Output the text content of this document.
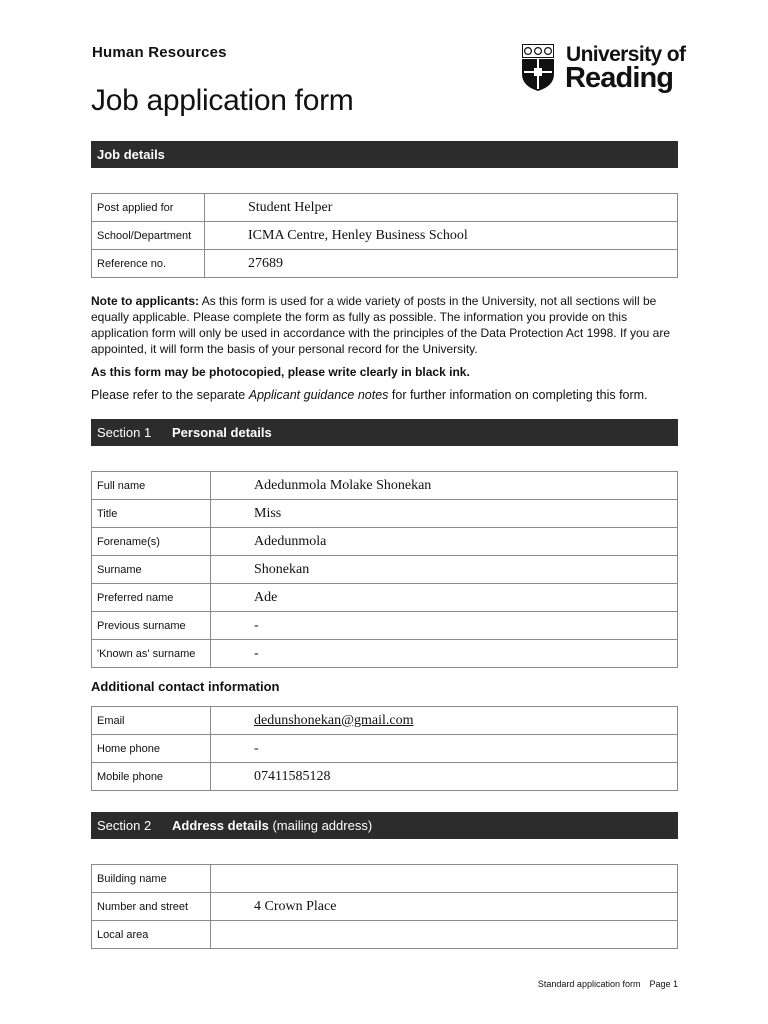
Human Resources
Job application form
University of
Reading
Job details
Post applied for	Student Helper
School/Department	ICMA Centre, Henley Business School
Reference no.	27689
Note to applicants: As this form is used for a wide variety of posts in the University, not all sections will be equally applicable. Please complete the form as fully as possible. The information you provide on this application form will only be used in accordance with the principles of the Data Protection Act 1998. If you are appointed, it will form the basis of your personal record for the University.
As this form may be photocopied, please write clearly in black ink.
Please refer to the separate Applicant guidance notes for further information on completing this form.
Section 1 Personal details
Full name	Adedunmola Molake Shonekan
Title	Miss
Forename(s)	Adedunmola
Surname	Shonekan
Preferred name	Ade
Previous surname	-
'Known as' surname	-
Additional contact information
Email	dedunshonekan@gmail.com
Home phone	-
Mobile phone	07411585128
Section 2 Address details (mailing address)
Building name	
Number and street	4 Crown Place
Local area	
Standard application form Page 1
